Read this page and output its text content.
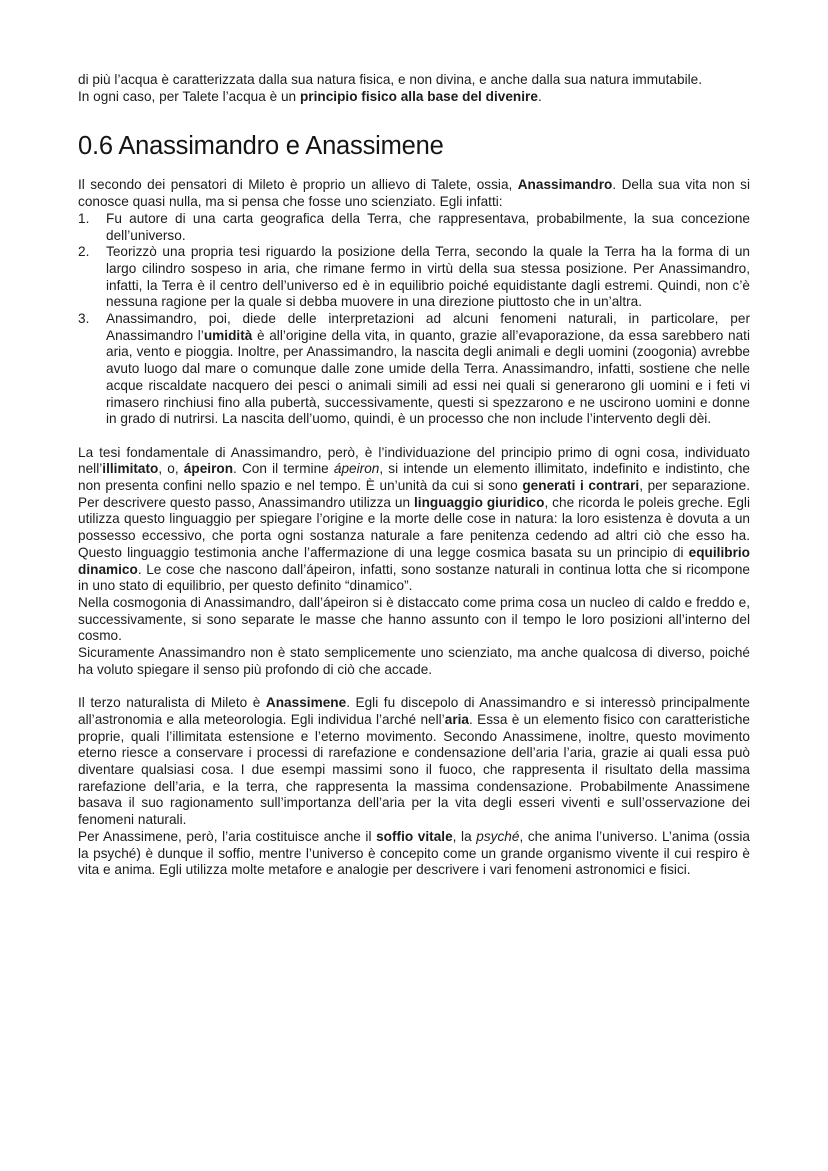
di più l’acqua è caratterizzata dalla sua natura fisica, e non divina, e anche dalla sua natura immutabile.

In ogni caso, per Talete l’acqua è un principio fisico alla base del divenire.

0.6 Anassimandro e Anassimene

Il secondo dei pensatori di Mileto è proprio un allievo di Talete, ossia, Anassimandro. Della sua vita non si conosce quasi nulla, ma si pensa che fosse uno scienziato. Egli infatti:

1.	Fu autore di una carta geografica della Terra, che rappresentava, probabilmente, la sua concezione dell’universo.
2.	Teorizzò una propria tesi riguardo la posizione della Terra, secondo la quale la Terra ha la forma di un largo cilindro sospeso in aria, che rimane fermo in virtù della sua stessa posizione. Per Anassimandro, infatti, la Terra è il centro dell’universo ed è in equilibrio poiché equidistante dagli estremi. Quindi, non c’è nessuna ragione per la quale si debba muovere in una direzione piuttosto che in un’altra.
3.	Anassimandro, poi, diede delle interpretazioni ad alcuni fenomeni naturali, in particolare, per Anassimandro l’umidità è all’origine della vita, in quanto, grazie all’evaporazione, da essa sarebbero nati aria, vento e pioggia. Inoltre, per Anassimandro, la nascita degli animali e degli uomini (zoogonia) avrebbe avuto luogo dal mare o comunque dalle zone umide della Terra. Anassimandro, infatti, sostiene che nelle acque riscaldate nacquero dei pesci o animali simili ad essi nei quali si generarono gli uomini e i feti vi rimasero rinchiusi fino alla pubertà, successivamente, questi si spezzarono e ne uscirono uomini e donne in grado di nutrirsi. La nascita dell’uomo, quindi, è un processo che non include l’intervento degli dèi.

La tesi fondamentale di Anassimandro, però, è l’individuazione del principio primo di ogni cosa, individuato nell’illimitato, o, ápeiron. Con il termine ápeiron, si intende un elemento illimitato, indefinito e indistinto, che non presenta confini nello spazio e nel tempo. È un’unità da cui si sono generati i contrari, per separazione. Per descrivere questo passo, Anassimandro utilizza un linguaggio giuridico, che ricorda le poleis greche. Egli utilizza questo linguaggio per spiegare l’origine e la morte delle cose in natura: la loro esistenza è dovuta a un possesso eccessivo, che porta ogni sostanza naturale a fare penitenza cedendo ad altri ciò che esso ha. Questo linguaggio testimonia anche l’affermazione di una legge cosmica basata su un principio di equilibrio dinamico. Le cose che nascono dall’ápeiron, infatti, sono sostanze naturali in continua lotta che si ricompone in uno stato di equilibrio, per questo definito “dinamico”.

Nella cosmogonia di Anassimandro, dall’ápeiron si è distaccato come prima cosa un nucleo di caldo e freddo e, successivamente, si sono separate le masse che hanno assunto con il tempo le loro posizioni all’interno del cosmo.

Sicuramente Anassimandro non è stato semplicemente uno scienziato, ma anche qualcosa di diverso, poiché ha voluto spiegare il senso più profondo di ciò che accade.

Il terzo naturalista di Mileto è Anassimene. Egli fu discepolo di Anassimandro e si interessò principalmente all’astronomia e alla meteorologia. Egli individua l’arché nell’aria. Essa è un elemento fisico con caratteristiche proprie, quali l’illimitata estensione e l’eterno movimento. Secondo Anassimene, inoltre, questo movimento eterno riesce a conservare i processi di rarefazione e condensazione dell’aria l’aria, grazie ai quali essa può diventare qualsiasi cosa. I due esempi massimi sono il fuoco, che rappresenta il risultato della massima rarefazione dell’aria, e la terra, che rappresenta la massima condensazione. Probabilmente Anassimene basava il suo ragionamento sull’importanza dell’aria per la vita degli esseri viventi e sull’osservazione dei fenomeni naturali.

Per Anassimene, però, l’aria costituisce anche il soffio vitale, la psyché, che anima l’universo. L’anima (ossia la psyché) è dunque il soffio, mentre l’universo è concepito come un grande organismo vivente il cui respiro è vita e anima. Egli utilizza molte metafore e analogie per descrivere i vari fenomeni astronomici e fisici.
